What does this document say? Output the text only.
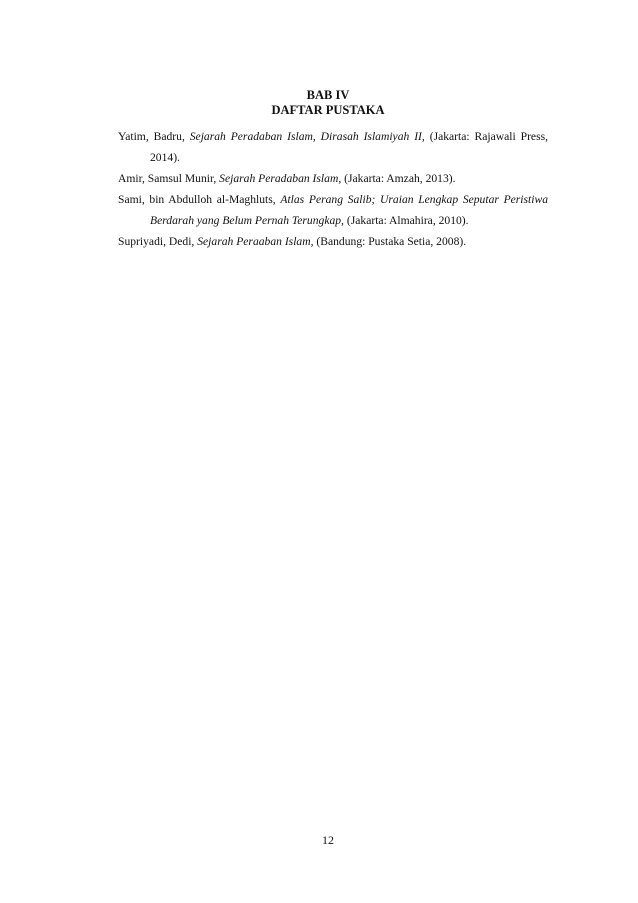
BAB IV
DAFTAR PUSTAKA

Yatim, Badru, Sejarah Peradaban Islam, Dirasah Islamiyah II, (Jakarta: Rajawali Press, 2014).

Amir, Samsul Munir, Sejarah Peradaban Islam, (Jakarta: Amzah, 2013).

Sami, bin Abdulloh al-Maghluts, Atlas Perang Salib; Uraian Lengkap Seputar Peristiwa Berdarah yang Belum Pernah Terungkap, (Jakarta: Almahira, 2010).

Supriyadi, Dedi, Sejarah Peraaban Islam, (Bandung: Pustaka Setia, 2008).

12
